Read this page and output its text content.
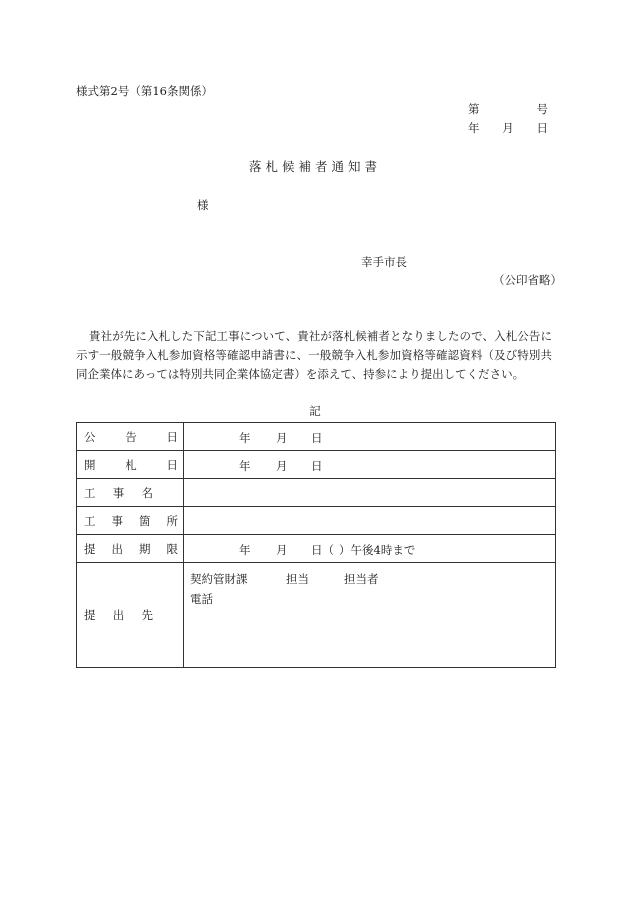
様式第2号（第16条関係）
第	号
年 月 日
落札候補者通知書
様
幸手市長
（公印省略）
貴社が先に入札した下記工事について、貴社が落札候補者となりましたので、入札公告に示す一般競争入札参加資格等確認申請書に、一般競争入札参加資格等確認資料（及び特別共同企業体にあっては特別共同企業体協定書）を添えて、持参により提出してください。
記
公 告 日	年 月 日

開 札 日	年 月 日

工 事 名	

工 事 箇 所	

提 出 期 限	年 月 日（ ）午後4時まで

提 出 先	契約管財課 担当 担当者
電話
